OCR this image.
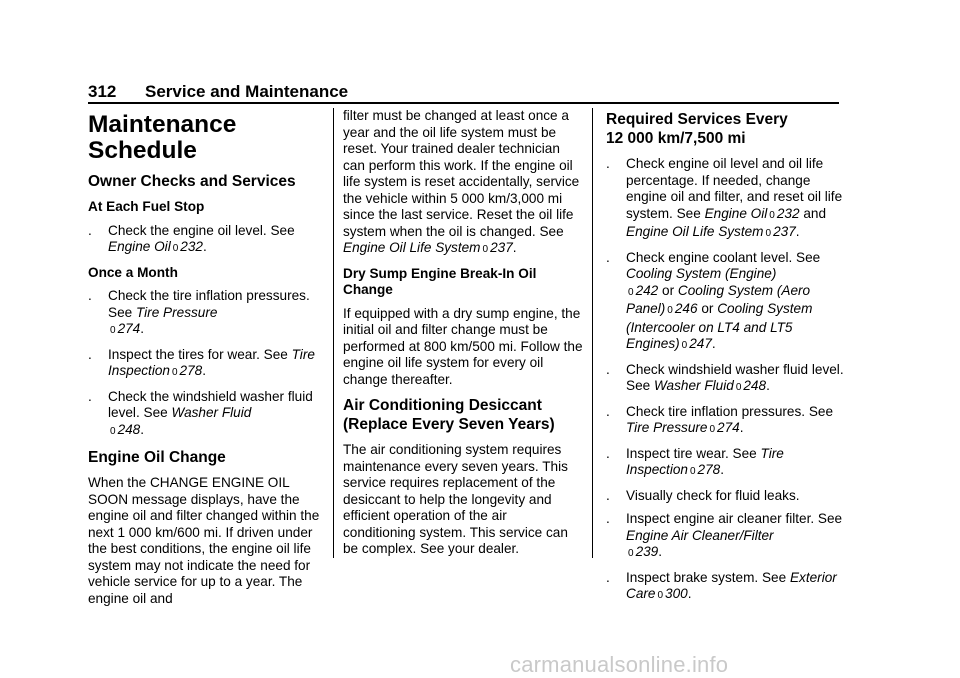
312 Service and Maintenance
Maintenance
Schedule
Owner Checks and Services
At Each Fuel Stop
. Check the engine oil level. See Engine Oil 0 232.
Once a Month
. Check the tire inflation pressures. See Tire Pressure
0 274.
. Inspect the tires for wear. See Tire Inspection 0 278.
. Check the windshield washer fluid level. See Washer Fluid
0 248.
Engine Oil Change

When the CHANGE ENGINE OIL SOON message displays, have the engine oil and filter changed within the next 1 000 km/600 mi. If driven under the best conditions, the engine oil life system may not indicate the need for vehicle service for up to a year. The engine oil and

filter must be changed at least once a year and the oil life system must be reset. Your trained dealer technician can perform this work. If the engine oil life system is reset accidentally, service the vehicle within 5 000 km/3,000 mi since the last service. Reset the oil life system when the oil is changed. See Engine Oil Life System 0 237.

Dry Sump Engine Break-In Oil Change

If equipped with a dry sump engine, the initial oil and filter change must be performed at 800 km/500 mi. Follow the engine oil life system for every oil change thereafter.

Air Conditioning Desiccant
(Replace Every Seven Years)

The air conditioning system requires maintenance every seven years. This service requires replacement of the desiccant to help the longevity and efficient operation of the air conditioning system. This service can be complex. See your dealer.

Required Services Every
12 000 km/7,500 mi
. Check engine oil level and oil life percentage. If needed, change engine oil and filter, and reset oil life system. See Engine Oil 0 232 and Engine Oil Life System 0 237.
. Check engine coolant level. See Cooling System (Engine)
0 242 or Cooling System (Aero Panel) 0 246 or Cooling System (Intercooler on LT4 and LT5 Engines) 0 247.
. Check windshield washer fluid level. See Washer Fluid 0 248.
. Check tire inflation pressures. See Tire Pressure 0 274.
. Inspect tire wear. See Tire Inspection 0 278.
. Visually check for fluid leaks.
. Inspect engine air cleaner filter. See Engine Air Cleaner/Filter
0 239.
. Inspect brake system. See Exterior Care 0 300.
carmanualsonline.info
